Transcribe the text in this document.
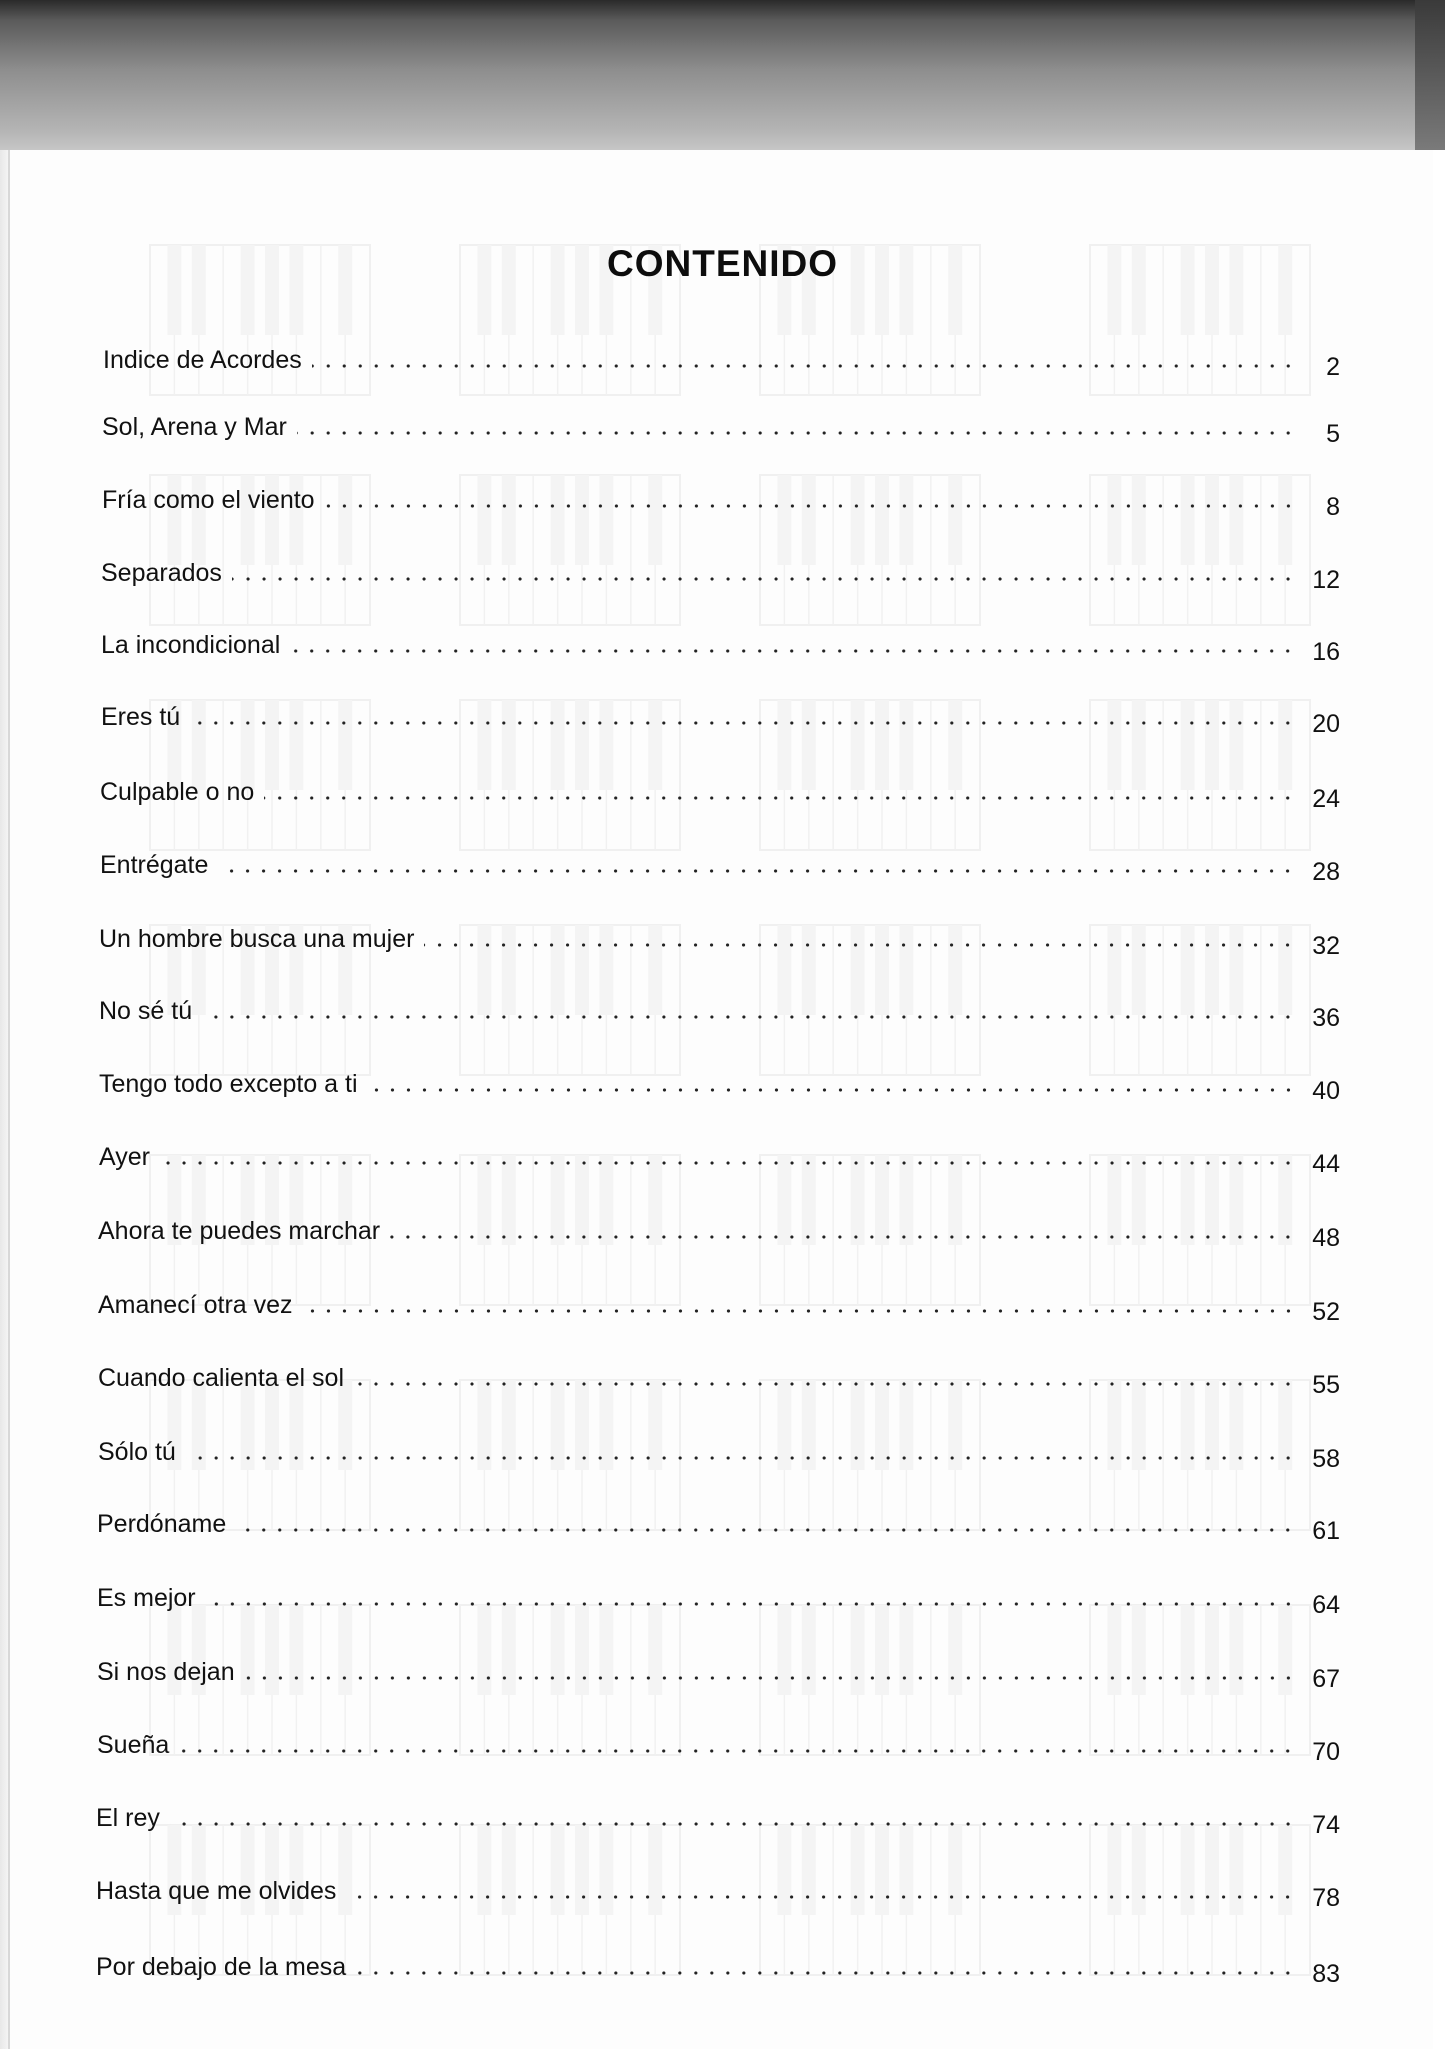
CONTENIDO
Indice de Acordes	2
Sol, Arena y Mar	5
Fría como el viento	8
Separados	12
La incondicional	16
Eres tú	20
Culpable o no	24
Entrégate	28
Un hombre busca una mujer	32
No sé tú	36
Tengo todo excepto a ti	40
Ayer	44
Ahora te puedes marchar	48
Amanecí otra vez	52
Cuando calienta el sol	55
Sólo tú	58
Perdóname	61
Es mejor	64
Si nos dejan	67
Sueña	70
El rey	74
Hasta que me olvides	78
Por debajo de la mesa	83
